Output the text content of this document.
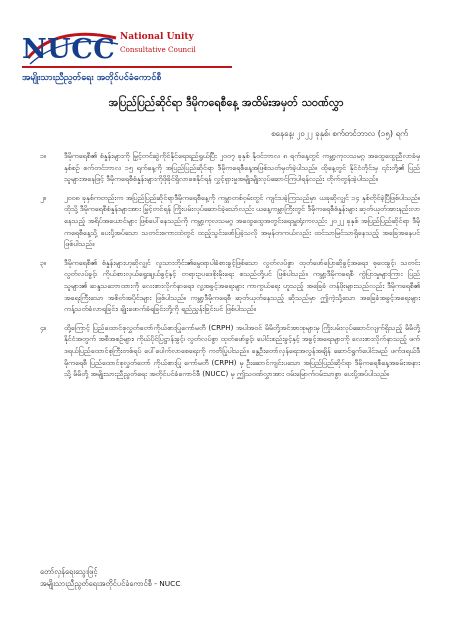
NUCC National Unity
Consultative Council
အမျိုးသားညီညွတ်ရေး အတိုင်ပင်ခံကောင်စီ
အပြည်ပြည်ဆိုင်ရာ ဒီမိုကရေစီနေ့ အထိမ်းအမှတ် သဝဏ်လွှာ
စနေနေ့၊ ၂၀၂၂ ခုနှစ်၊ စက်တင်ဘာလ (၁၅) ရက်
၁။	ဒီမိုကရေစီ၏ စံနှုန်းများကို မြှင့်တင်ဆွဲကိုင်နိုင်ရေးရည်ရွယ်ပြီး ၂၀၀၇ ခုနှစ် နိုဝင်ဘာလ ၈ ရက်နေ့တွင် ကမ္ဘာ့ကုလသမဂ္ဂ အထွေထွေညီလာခံမှ နှစ်စဉ် စက်တင်ဘာလ ၁၅ ရက်နေ့ကို အပြည်ပြည်ဆိုင်ရာ ဒီမိုကရေစီနေ့အဖြစ်သတ်မှတ်ခဲ့ပါသည်။ ထိုနေ့တွင် နိုင်ငံတိုင်းမှ ၎င်းတို့၏ ပြည်သူများအနေဖြင့် ဒီမိုကရေစီစံနှုန်းများကိုဖိုခိုင်ရှိလာစေနိုင်ရန် လွှင့်ရှားမှုအမျိုးမျိုးလုပ်ဆောင်ကြပါရန်လည်း တိုက်တွန်းခဲ့ပါသည်။
၂။	၂၀၀၈ ခုနှစ်ကတည်းက အပြည်ပြည်ဆိုင်ရာဒီမိုကရေစီနေ့ကို ကမ္ဘာတစ်ဝှမ်းတွင် ကျင်းပခဲ့ကြသည်မှာ ယခုဆိုလျှင် ၁၄ နှစ်တိုင်ခဲ့ပြီဖြစ်ပါသည်။ ထိုသို့ ဒီမိုကရေစီစံနှုန်းများအား မြှင့်တင်ရန် ကြိုးပမ်းလုပ်ဆောင်ခဲ့သော်လည်း ယနေ့ကမ္ဘာကြီးတွင် ဒီမိုကရေစီစံနှုန်းများ ဆုတ်ယုတ်အားနည်းလာနေသည့် အရိပ်အယောင်များ ဖြစ်ပေါ်နေသည်ကို ကမ္ဘာ့ကုလသမဂ္ဂ အထွေထွေအတွင်းရေးမှူးရုံးကလည်း ၂၀၂၂ ခုနှစ် အပြည်ပြည်ဆိုင်ရာ ဒီမိုကရေစီနေ့သို့ ပေးပို့အပ်သော သတင်းစကားထဲတွင် ထည့်သွင်းဖော်ပြခဲ့သလို အမှန်တကယ်လည်း ထင်သာမြင်သာရှိနေသည့် အခြေအနေပင် ဖြစ်ပါသည်။
၃။	ဒီမိုကရေစီ၏ စံနှုန်းများဟုဆိုလျှင် လူသားတိုင်း၏မွေးရာပါခံစားခွင့်ဖြစ်သော လွတ်လပ်စွာ ထုတ်ဖော်ပြောဆိုခွင့်အရေး၊ စုဝေးခွင့်၊ သတင်းလွတ်လပ်ခွင့်၊ ကိုယ်စားလှယ်ရွေးချယ်ခွင့်နှင့် တရားဥပဒေစိုးမိုးရေး စသည်တို့ပင် ဖြစ်ပါသည်။ ကမ္ဘာ့ဒီမိုကရေစီ ကွဲပြားမှုများကြား ပြည်သူများ၏ ဆန္ဒသဘောထားကို လေးစားလိုက်နာရေး၊ လူ့အခွင့်အရေးများ ကာကွယ်ရေး ဟူသည့် အခြေခံ တန်ဖိုးများသည်လည်း ဒီမိုကရေစီ၏ အရေးကြီးသော အစိတ်အပိုင်းများ ဖြစ်ပါသည်။ ကမ္ဘာ့ဒီမိုကရေစီ ဆုတ်ယုတ်နေသည့် ဆိုသည်မှာ ဤကဲ့သို့သော အခြေခံအခွင့်အရေးများ ကန့်သတ်ခံလာရခြင်း၊ ချိုးဖောက်ခံရခြင်းတို့ကို ရည်ညွှန်းခြင်းပင် ဖြစ်ပါသည်။
၄။	ထို့ကြောင့် ပြည်ထောင်စုလွှတ်တော်ကိုယ်စားပြုကော်မတီ (CRPH) အပါအဝင် မိမိတို့အင်အားစုများမှ ကြိုးပမ်းလုပ်ဆောင်လျက်ရှိသည့် မိမိတို့နိုင်ငံအတွက် အစီအစဉ်များ၊ ကိုယ်ပိုင်ပြဋ္ဌာန်းခွင့်၊ လွတ်လပ်စွာ ထုတ်ဖော်ခွင့်၊ ပေါင်းစည်းခွင့်နှင့် အခွင့်အရေးများကို လေးစားလိုက်နာသည့် ဖက်ဒရယ်ပြည်ထောင်စုကြီးတစ်ရပ် ပေါ်ပေါက်လာစေရေးကို ကတိပြုပါသည်။ နွေဦးတော်လှန်ရေးအလွန်အချိန် ဆောင်ရွက်ပေါင်းမည် ဖက်ဒရယ်ဒီမိုကရေစီ ပြည်ထောင်စုလွှတ်တော် ကိုယ်စားပြု ကော်မတီ (CRPH) မှ ဦးဆောင်ကျင်းပသော အပြည်ပြည်ဆိုင်ရာ ဒီမိုကရေစီနေ့အခမ်းအနားသို့ မိမိတို့ အမျိုးသားညီညွတ်ရေး အတိုင်ပင်ခံကောင်စီ (NUCC) မှ ဤသဝဏ်လွှာအား ဝမ်းမြောက်ဝမ်းသာစွာ ပေးပို့အပ်ပါသည်။
တော်လှန်ရေးသွေးဖြင့်
အမျိုးသားညီညွတ်ရေးအတိုင်ပင်ခံကောင်စီ - NUCC
